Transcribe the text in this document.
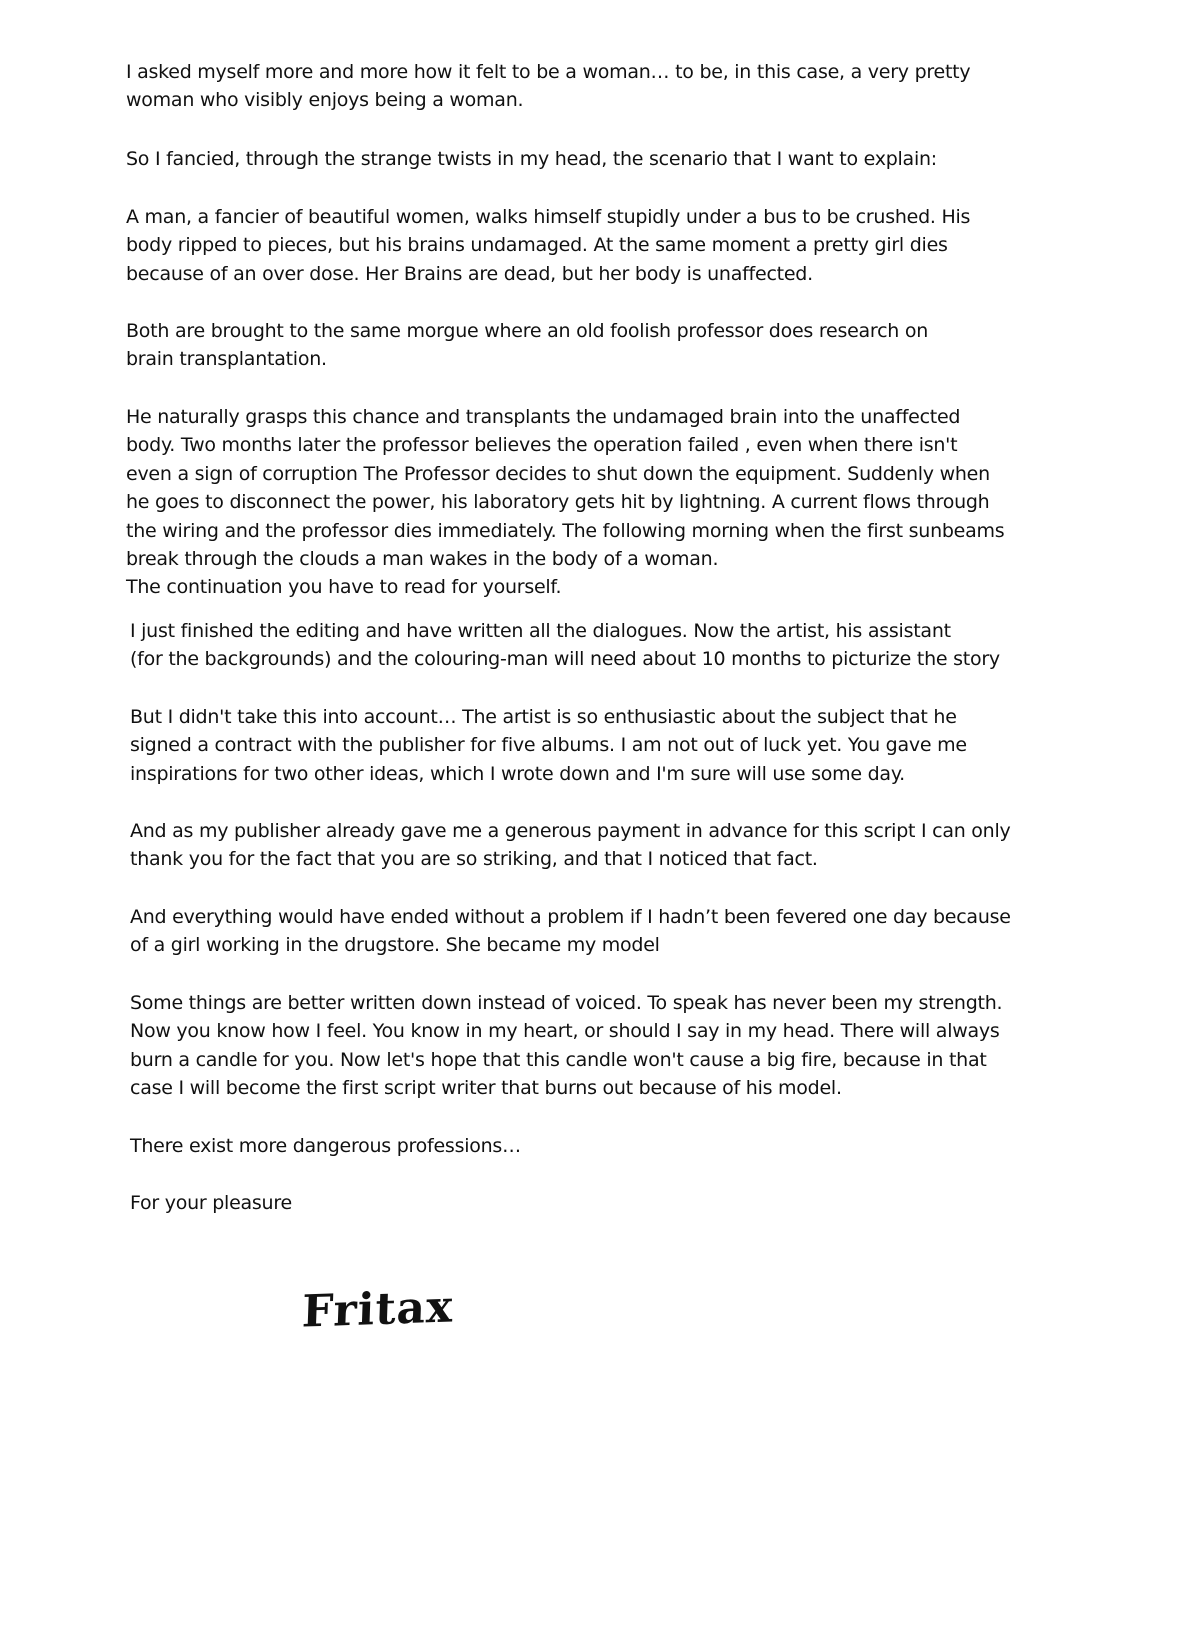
I asked myself more and more how it felt to be a woman… to be, in this case, a very pretty
woman who visibly enjoys being a woman.
So I fancied, through the strange twists in my head, the scenario that I want to explain:
A man, a fancier of beautiful women, walks himself stupidly under a bus to be crushed. His
body ripped to pieces, but his brains undamaged. At the same moment a pretty girl dies
because of an over dose. Her Brains are dead, but her body is unaffected.
Both are brought to the same morgue where an old foolish professor does research on
brain transplantation.
He naturally grasps this chance and transplants the undamaged brain into the unaffected
body. Two months later the professor believes the operation failed , even when there isn't
even a sign of corruption The Professor decides to shut down the equipment. Suddenly when
he goes to disconnect the power, his laboratory gets hit by lightning. A current flows through
the wiring and the professor dies immediately. The following morning when the first sunbeams
break through the clouds a man wakes in the body of a woman.
The continuation you have to read for yourself.
I just finished the editing and have written all the dialogues. Now the artist, his assistant
(for the backgrounds) and the colouring-man will need about 10 months to picturize the story
But I didn't take this into account… The artist is so enthusiastic about the subject that he
signed a contract with the publisher for five albums. I am not out of luck yet. You gave me
inspirations for two other ideas, which I wrote down and I'm sure will use some day.
And as my publisher already gave me a generous payment in advance for this script I can only
thank you for the fact that you are so striking, and that I noticed that fact.
And everything would have ended without a problem if I hadn’t been fevered one day because
of a girl working in the drugstore. She became my model
Some things are better written down instead of voiced. To speak has never been my strength.
Now you know how I feel. You know in my heart, or should I say in my head. There will always
burn a candle for you. Now let's hope that this candle won't cause a big fire, because in that
case I will become the first script writer that burns out because of his model.
There exist more dangerous professions…
For your pleasure
Fritax
